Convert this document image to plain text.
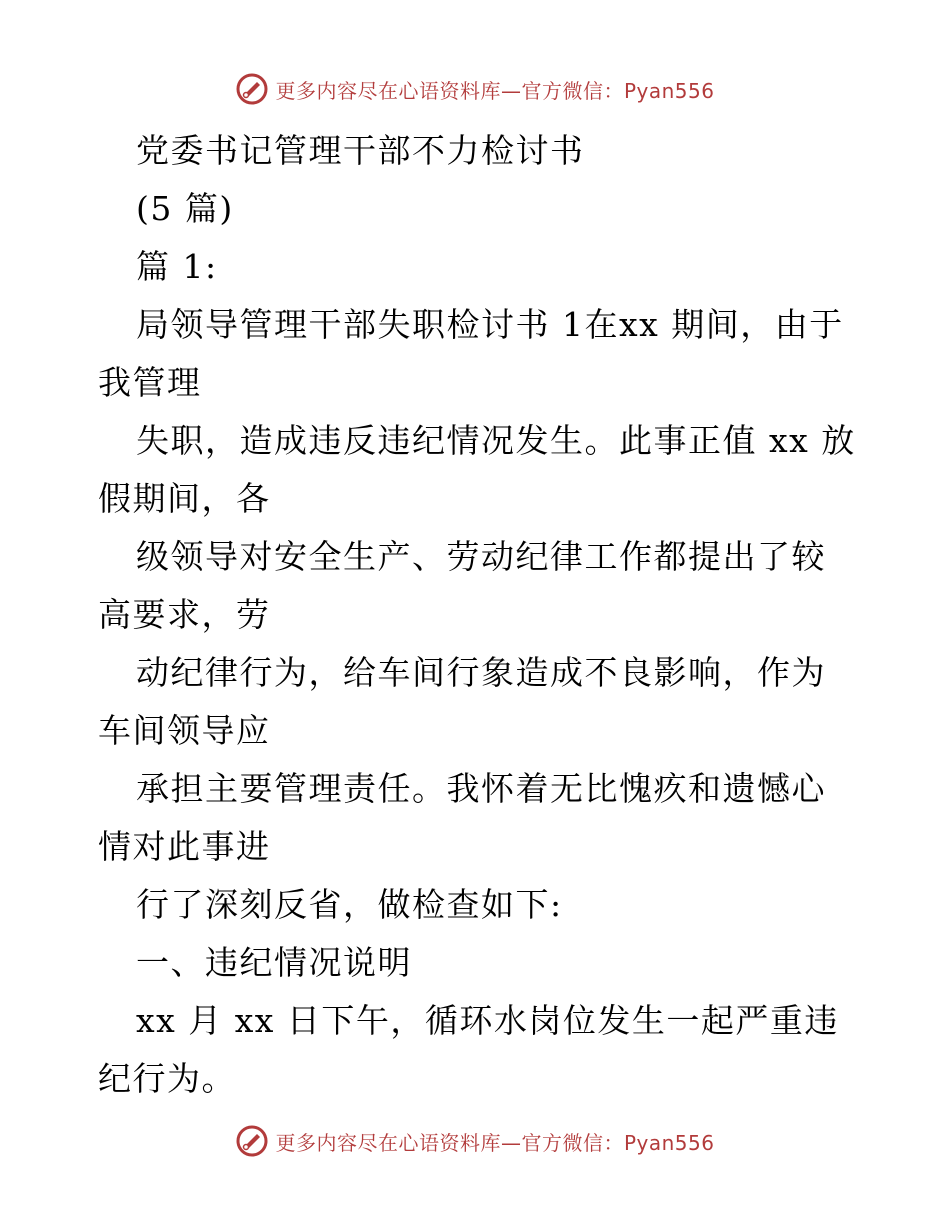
更多内容尽在心语资料库—官方微信：Pyan556

党委书记管理干部不力检讨书

(5 篇)

篇 1:

局领导管理干部失职检讨书 1在xx 期间，由于我管理

失职，造成违反违纪情况发生。此事正值 xx 放假期间，各

级领导对安全生产、劳动纪律工作都提出了较高要求，劳

动纪律行为，给车间行象造成不良影响，作为车间领导应

承担主要管理责任。我怀着无比愧疚和遗憾心情对此事进

行了深刻反省，做检查如下:

一、违纪情况说明

xx 月 xx 日下午，循环水岗位发生一起严重违纪行为。

更多内容尽在心语资料库—官方微信：Pyan556
